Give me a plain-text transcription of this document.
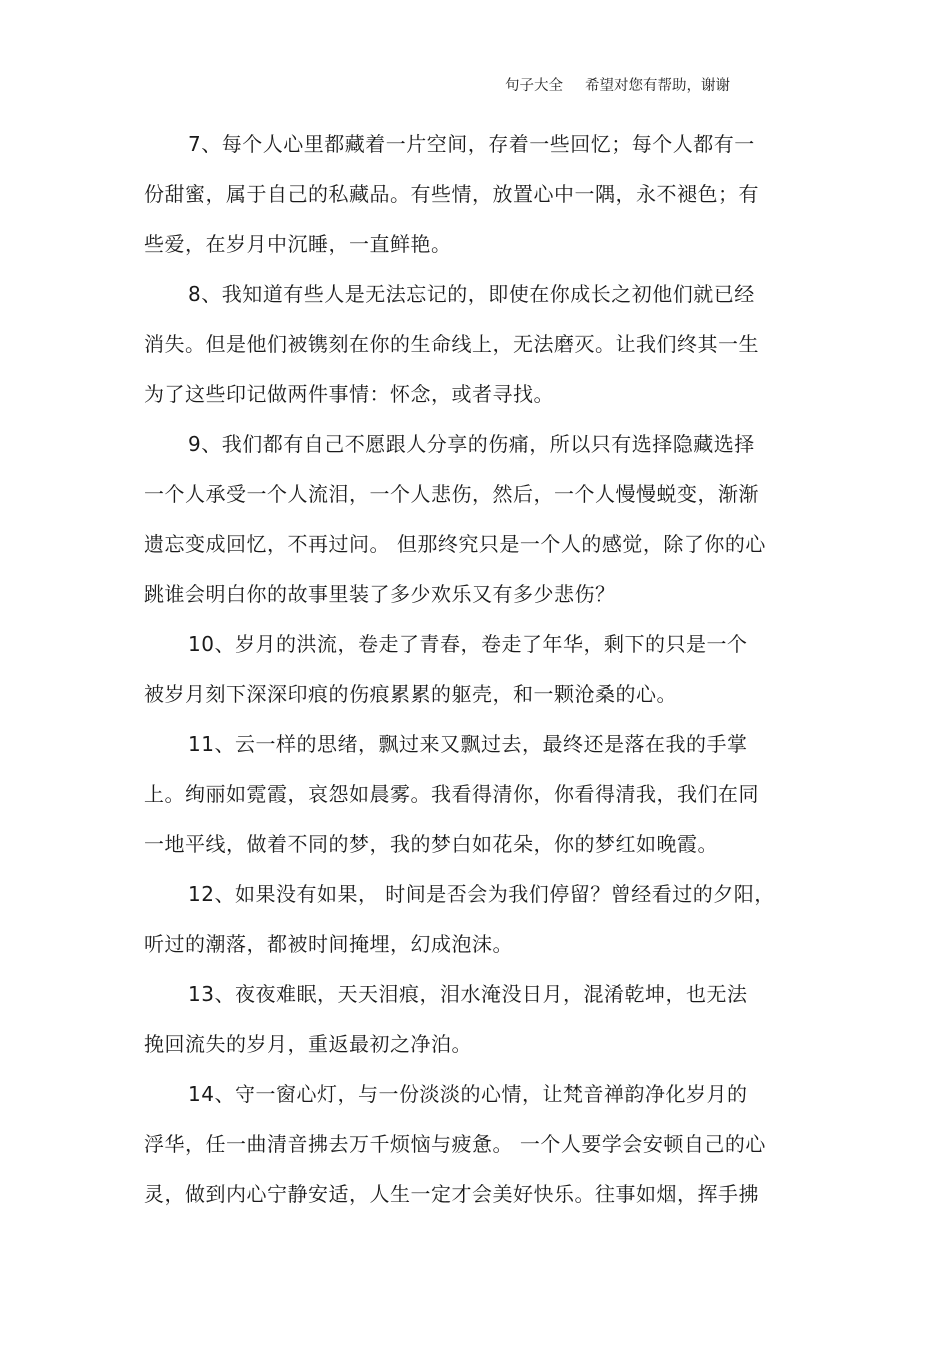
句子大全 希望对您有帮助，谢谢
7、每个人心里都藏着一片空间，存着一些回忆；每个人都有一
份甜蜜，属于自己的私藏品。有些情，放置心中一隅，永不褪色；有
些爱，在岁月中沉睡，一直鲜艳。
8、我知道有些人是无法忘记的，即使在你成长之初他们就已经
消失。但是他们被镌刻在你的生命线上，无法磨灭。让我们终其一生
为了这些印记做两件事情：怀念，或者寻找。
9、我们都有自己不愿跟人分享的伤痛，所以只有选择隐藏选择
一个人承受一个人流泪，一个人悲伤，然后，一个人慢慢蜕变，渐渐
遗忘变成回忆，不再过问。 但那终究只是一个人的感觉，除了你的心
跳谁会明白你的故事里装了多少欢乐又有多少悲伤？
10、岁月的洪流，卷走了青春，卷走了年华，剩下的只是一个
被岁月刻下深深印痕的伤痕累累的躯壳，和一颗沧桑的心。
11、云一样的思绪，飘过来又飘过去，最终还是落在我的手掌
上。绚丽如霓霞，哀怨如晨雾。我看得清你，你看得清我，我们在同
一地平线，做着不同的梦，我的梦白如花朵，你的梦红如晚霞。
12、如果没有如果， 时间是否会为我们停留？曾经看过的夕阳，
听过的潮落，都被时间掩埋，幻成泡沫。
13、夜夜难眠，天天泪痕，泪水淹没日月，混淆乾坤，也无法
挽回流失的岁月，重返最初之净泊。
14、守一窗心灯，与一份淡淡的心情，让梵音禅韵净化岁月的
浮华，任一曲清音拂去万千烦恼与疲惫。 一个人要学会安顿自己的心
灵，做到内心宁静安适，人生一定才会美好快乐。往事如烟，挥手拂
